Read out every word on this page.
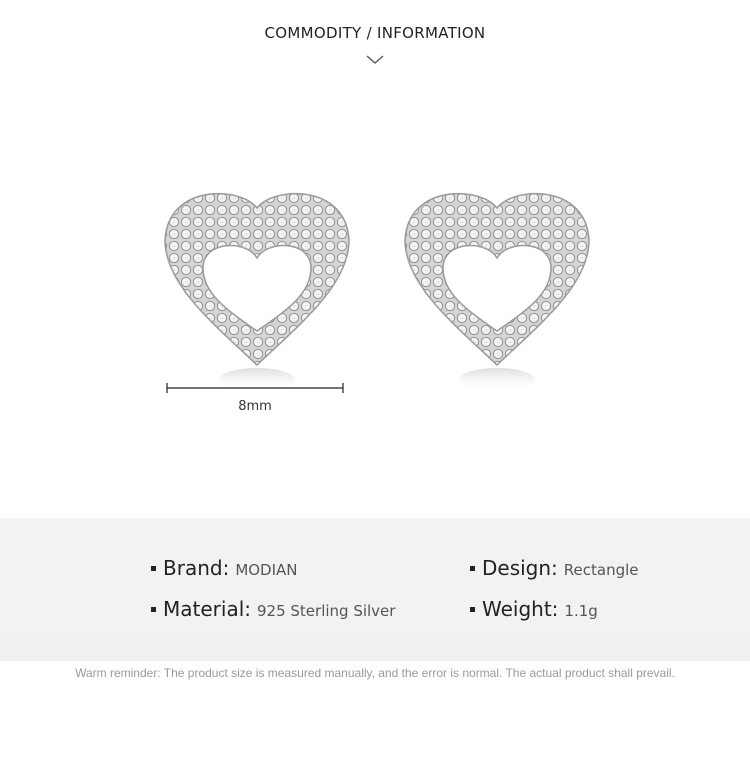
COMMODITY / INFORMATION
8mm
Brand: MODIAN	Design: Rectangle
Material: 925 Sterling Silver	Weight: 1.1g
Warm reminder: The product size is measured manually, and the error is normal. The actual product shall prevail.
